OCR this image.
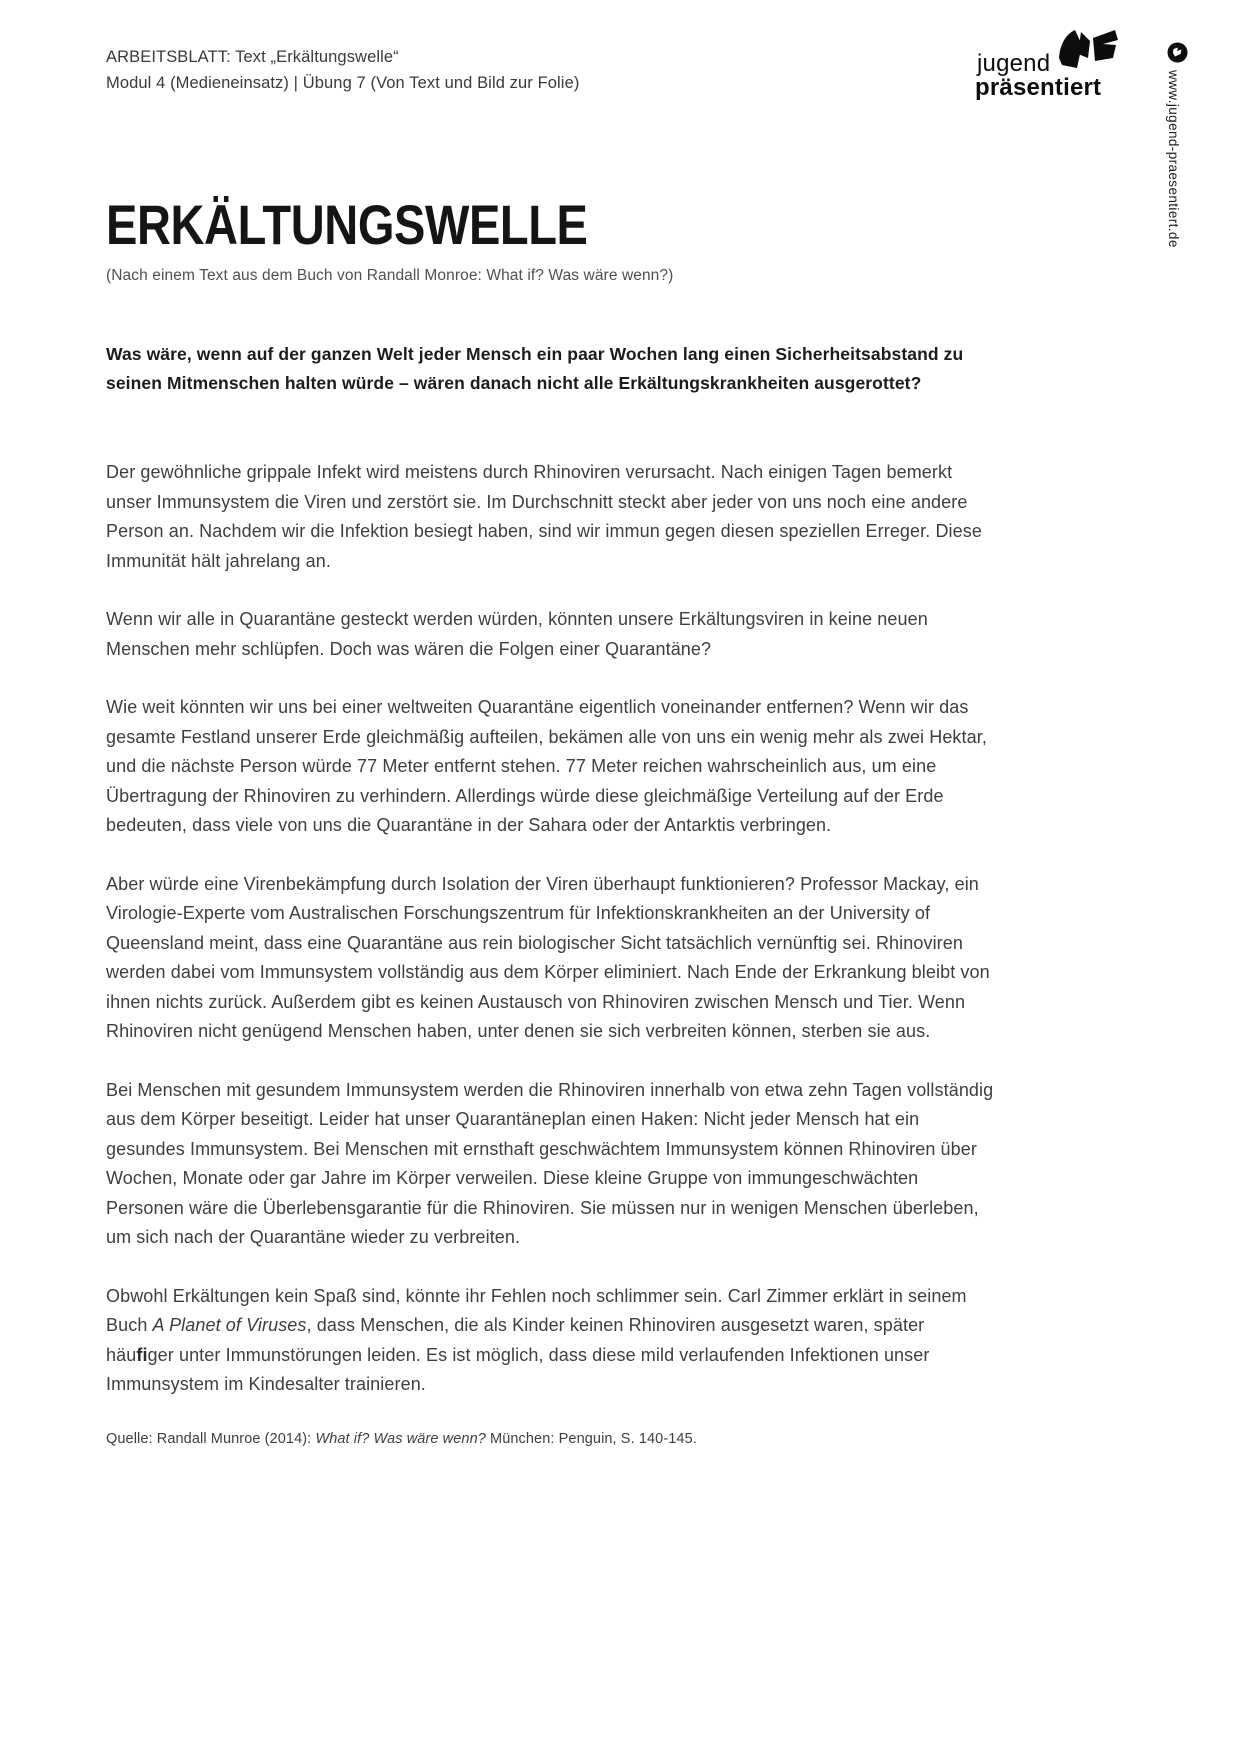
ARBEITSBLATT: Text „Erkältungswelle“
Modul 4 (Medieneinsatz) | Übung 7 (Von Text und Bild zur Folie)
jugend
präsentiert	www.jugend-praesentiert.de
ERKÄLTUNGSWELLE

(Nach einem Text aus dem Buch von Randall Monroe: What if? Was wäre wenn?)

Was wäre, wenn auf der ganzen Welt jeder Mensch ein paar Wochen lang einen Sicherheitsabstand zu seinen Mitmenschen halten würde – wären danach nicht alle Erkältungskrankheiten ausgerottet?

Der gewöhnliche grippale Infekt wird meistens durch Rhinoviren verursacht. Nach einigen Tagen bemerkt unser Immunsystem die Viren und zerstört sie. Im Durchschnitt steckt aber jeder von uns noch eine andere Person an. Nachdem wir die Infektion besiegt haben, sind wir immun gegen diesen speziellen Erreger. Diese Immunität hält jahrelang an.

Wenn wir alle in Quarantäne gesteckt werden würden, könnten unsere Erkältungsviren in keine neuen Menschen mehr schlüpfen. Doch was wären die Folgen einer Quarantäne?

Wie weit könnten wir uns bei einer weltweiten Quarantäne eigentlich voneinander entfernen? Wenn wir das gesamte Festland unserer Erde gleichmäßig aufteilen, bekämen alle von uns ein wenig mehr als zwei Hektar, und die nächste Person würde 77 Meter entfernt stehen. 77 Meter reichen wahrscheinlich aus, um eine Übertragung der Rhinoviren zu verhindern. Allerdings würde diese gleichmäßige Verteilung auf der Erde bedeuten, dass viele von uns die Quarantäne in der Sahara oder der Antarktis verbringen.

Aber würde eine Virenbekämpfung durch Isolation der Viren überhaupt funktionieren? Professor Mackay, ein Virologie-Experte vom Australischen Forschungszentrum für Infektionskrankheiten an der University of Queensland meint, dass eine Quarantäne aus rein biologischer Sicht tatsächlich vernünftig sei. Rhinoviren werden dabei vom Immunsystem vollständig aus dem Körper eliminiert. Nach Ende der Erkrankung bleibt von ihnen nichts zurück. Außerdem gibt es keinen Austausch von Rhinoviren zwischen Mensch und Tier. Wenn Rhinoviren nicht genügend Menschen haben, unter denen sie sich verbreiten können, sterben sie aus.

Bei Menschen mit gesundem Immunsystem werden die Rhinoviren innerhalb von etwa zehn Tagen vollständig aus dem Körper beseitigt. Leider hat unser Quarantäneplan einen Haken: Nicht jeder Mensch hat ein gesundes Immunsystem. Bei Menschen mit ernsthaft geschwächtem Immunsystem können Rhinoviren über Wochen, Monate oder gar Jahre im Körper verweilen. Diese kleine Gruppe von immungeschwächten Personen wäre die Überlebensgarantie für die Rhinoviren. Sie müssen nur in wenigen Menschen überleben, um sich nach der Quarantäne wieder zu verbreiten.

Obwohl Erkältungen kein Spaß sind, könnte ihr Fehlen noch schlimmer sein. Carl Zimmer erklärt in seinem Buch A Planet of Viruses, dass Menschen, die als Kinder keinen Rhinoviren ausgesetzt waren, später häufiger unter Immunstörungen leiden. Es ist möglich, dass diese mild verlaufenden Infektionen unser Immunsystem im Kindesalter trainieren.

Quelle: Randall Munroe (2014): What if? Was wäre wenn? München: Penguin, S. 140-145.
